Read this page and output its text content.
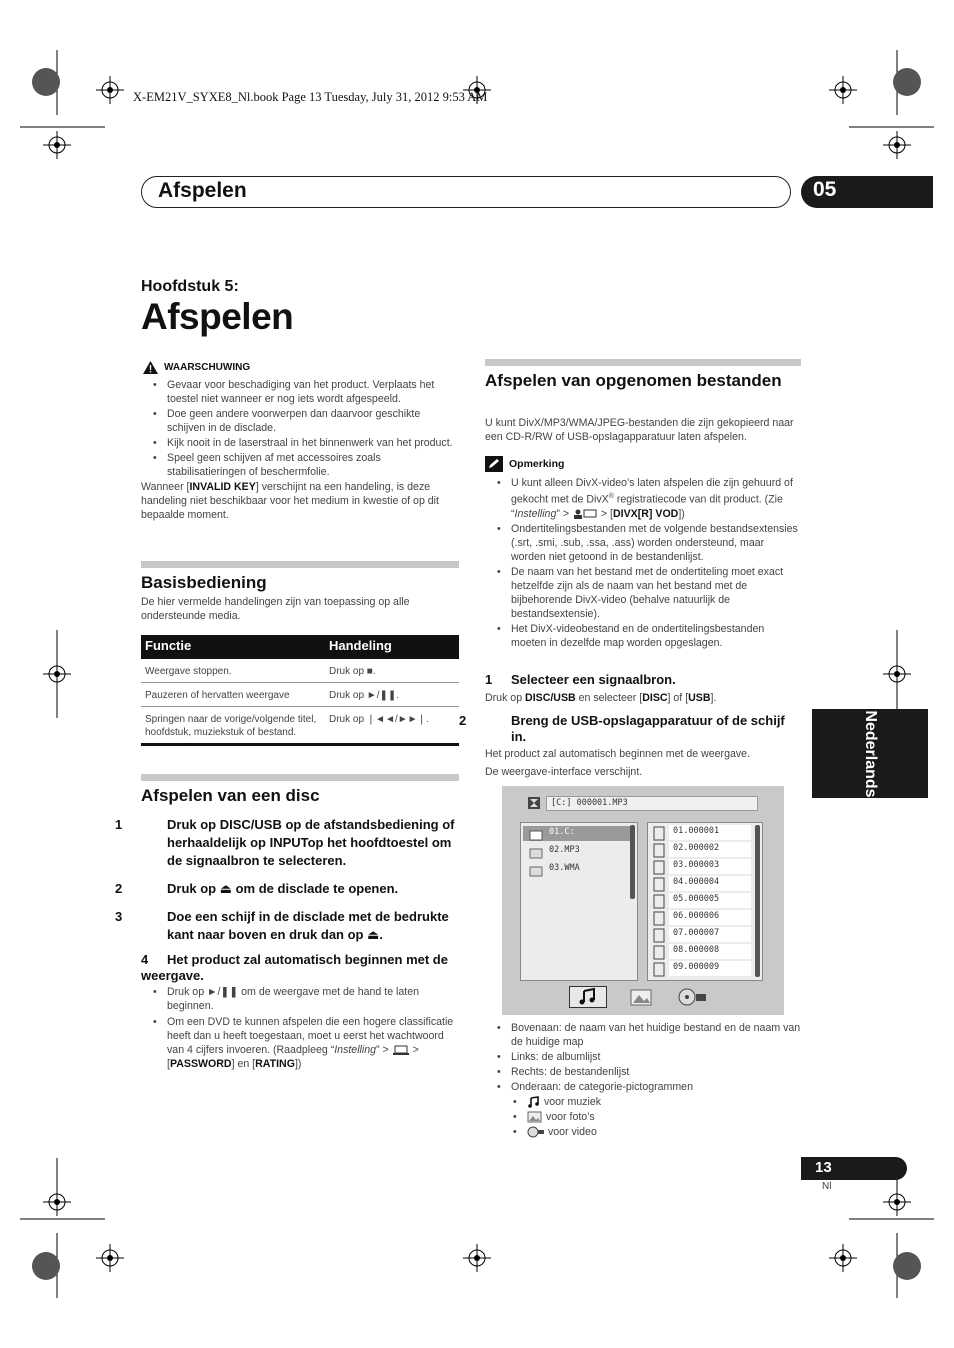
X-EM21V_SYXE8_Nl.book Page 13 Tuesday, July 31, 2012 9:53 AM
Afspelen	05
Hoofdstuk 5:
Afspelen
WAARSCHUWING
• Gevaar voor beschadiging van het product. Verplaats het toestel niet wanneer er nog iets wordt afgespeeld.
• Doe geen andere voorwerpen dan daarvoor geschikte schijven in de disclade.
• Kijk nooit in de laserstraal in het binnenwerk van het product.
• Speel geen schijven af met accessoires zoals stabilisatieringen of beschermfolie.

Wanneer [INVALID KEY] verschijnt na een handeling, is deze handeling niet beschikbaar voor het medium in kwestie of op dit bepaalde moment.

Basisbediening
De hier vermelde handelingen zijn van toepassing op alle ondersteunde media.
Functie	Handeling
Weergave stoppen.	Druk op ■.
Pauzeren of hervatten weergave	Druk op ►/❚❚.
Springen naar de vorige/volgende titel, hoofdstuk, muziekstuk of bestand.	Druk op ❘◄◄/►►❘.
Afspelen van een disc
1	Druk op DISC/USB op de afstandsbediening of herhaaldelijk op INPUTop het hoofdtoestel om de signaalbron te selecteren.
2	Druk op ⏏ om de disclade te openen.
3	Doe een schijf in de disclade met de bedrukte kant naar boven en druk dan op ⏏.
4 Het product zal automatisch beginnen met de weergave.
• Druk op ►/❚❚ om de weergave met de hand te laten beginnen.
• Om een DVD te kunnen afspelen die een hogere classificatie heeft dan u heeft toegestaan, moet u eerst het wachtwoord van 4 cijfers invoeren. (Raadpleeg “Instelling” > > [PASSWORD] en [RATING])
Afspelen van opgenomen bestanden
U kunt DivX/MP3/WMA/JPEG-bestanden die zijn gekopieerd naar een CD-R/RW of USB-opslagapparatuur laten afspelen.
Opmerking
• U kunt alleen DivX-video’s laten afspelen die zijn gehuurd of gekocht met de DivX® registratiecode van dit product. (Zie “Instelling” >	> [DIVX[R] VOD])
• Ondertitelingsbestanden met de volgende bestandsextensies (.srt, .smi, .sub, .ssa, .ass) worden ondersteund, maar worden niet getoond in de bestandenlijst.
• De naam van het bestand met de ondertiteling moet exact hetzelfde zijn als de naam van het bestand met de bijbehorende DivX-video (behalve natuurlijk de bestandsextensie).
• Het DivX-videobestand en de ondertitelingsbestanden moeten in dezelfde map worden opgeslagen.
1 Selecteer een signaalbron.
Druk op DISC/USB en selecteer [DISC] of [USB].
2	Breng de USB-opslagapparatuur of de schijf in.
Het product zal automatisch beginnen met de weergave.
De weergave-interface verschijnt.
[C:] 000001.MP3
01.C:
02.MP3
03.WMA
01.000001
02.000002
03.000003
04.000004
05.000005
06.000006
07.000007
08.000008
09.000009
• Bovenaan: de naam van het huidige bestand en de naam van de huidige map
• Links: de albumlijst
• Rechts: de bestandenlijst
• Onderaan: de categorie-pictogrammen
• voor muziek
• voor foto’s
• voor video
Nederlands
13
Nl
